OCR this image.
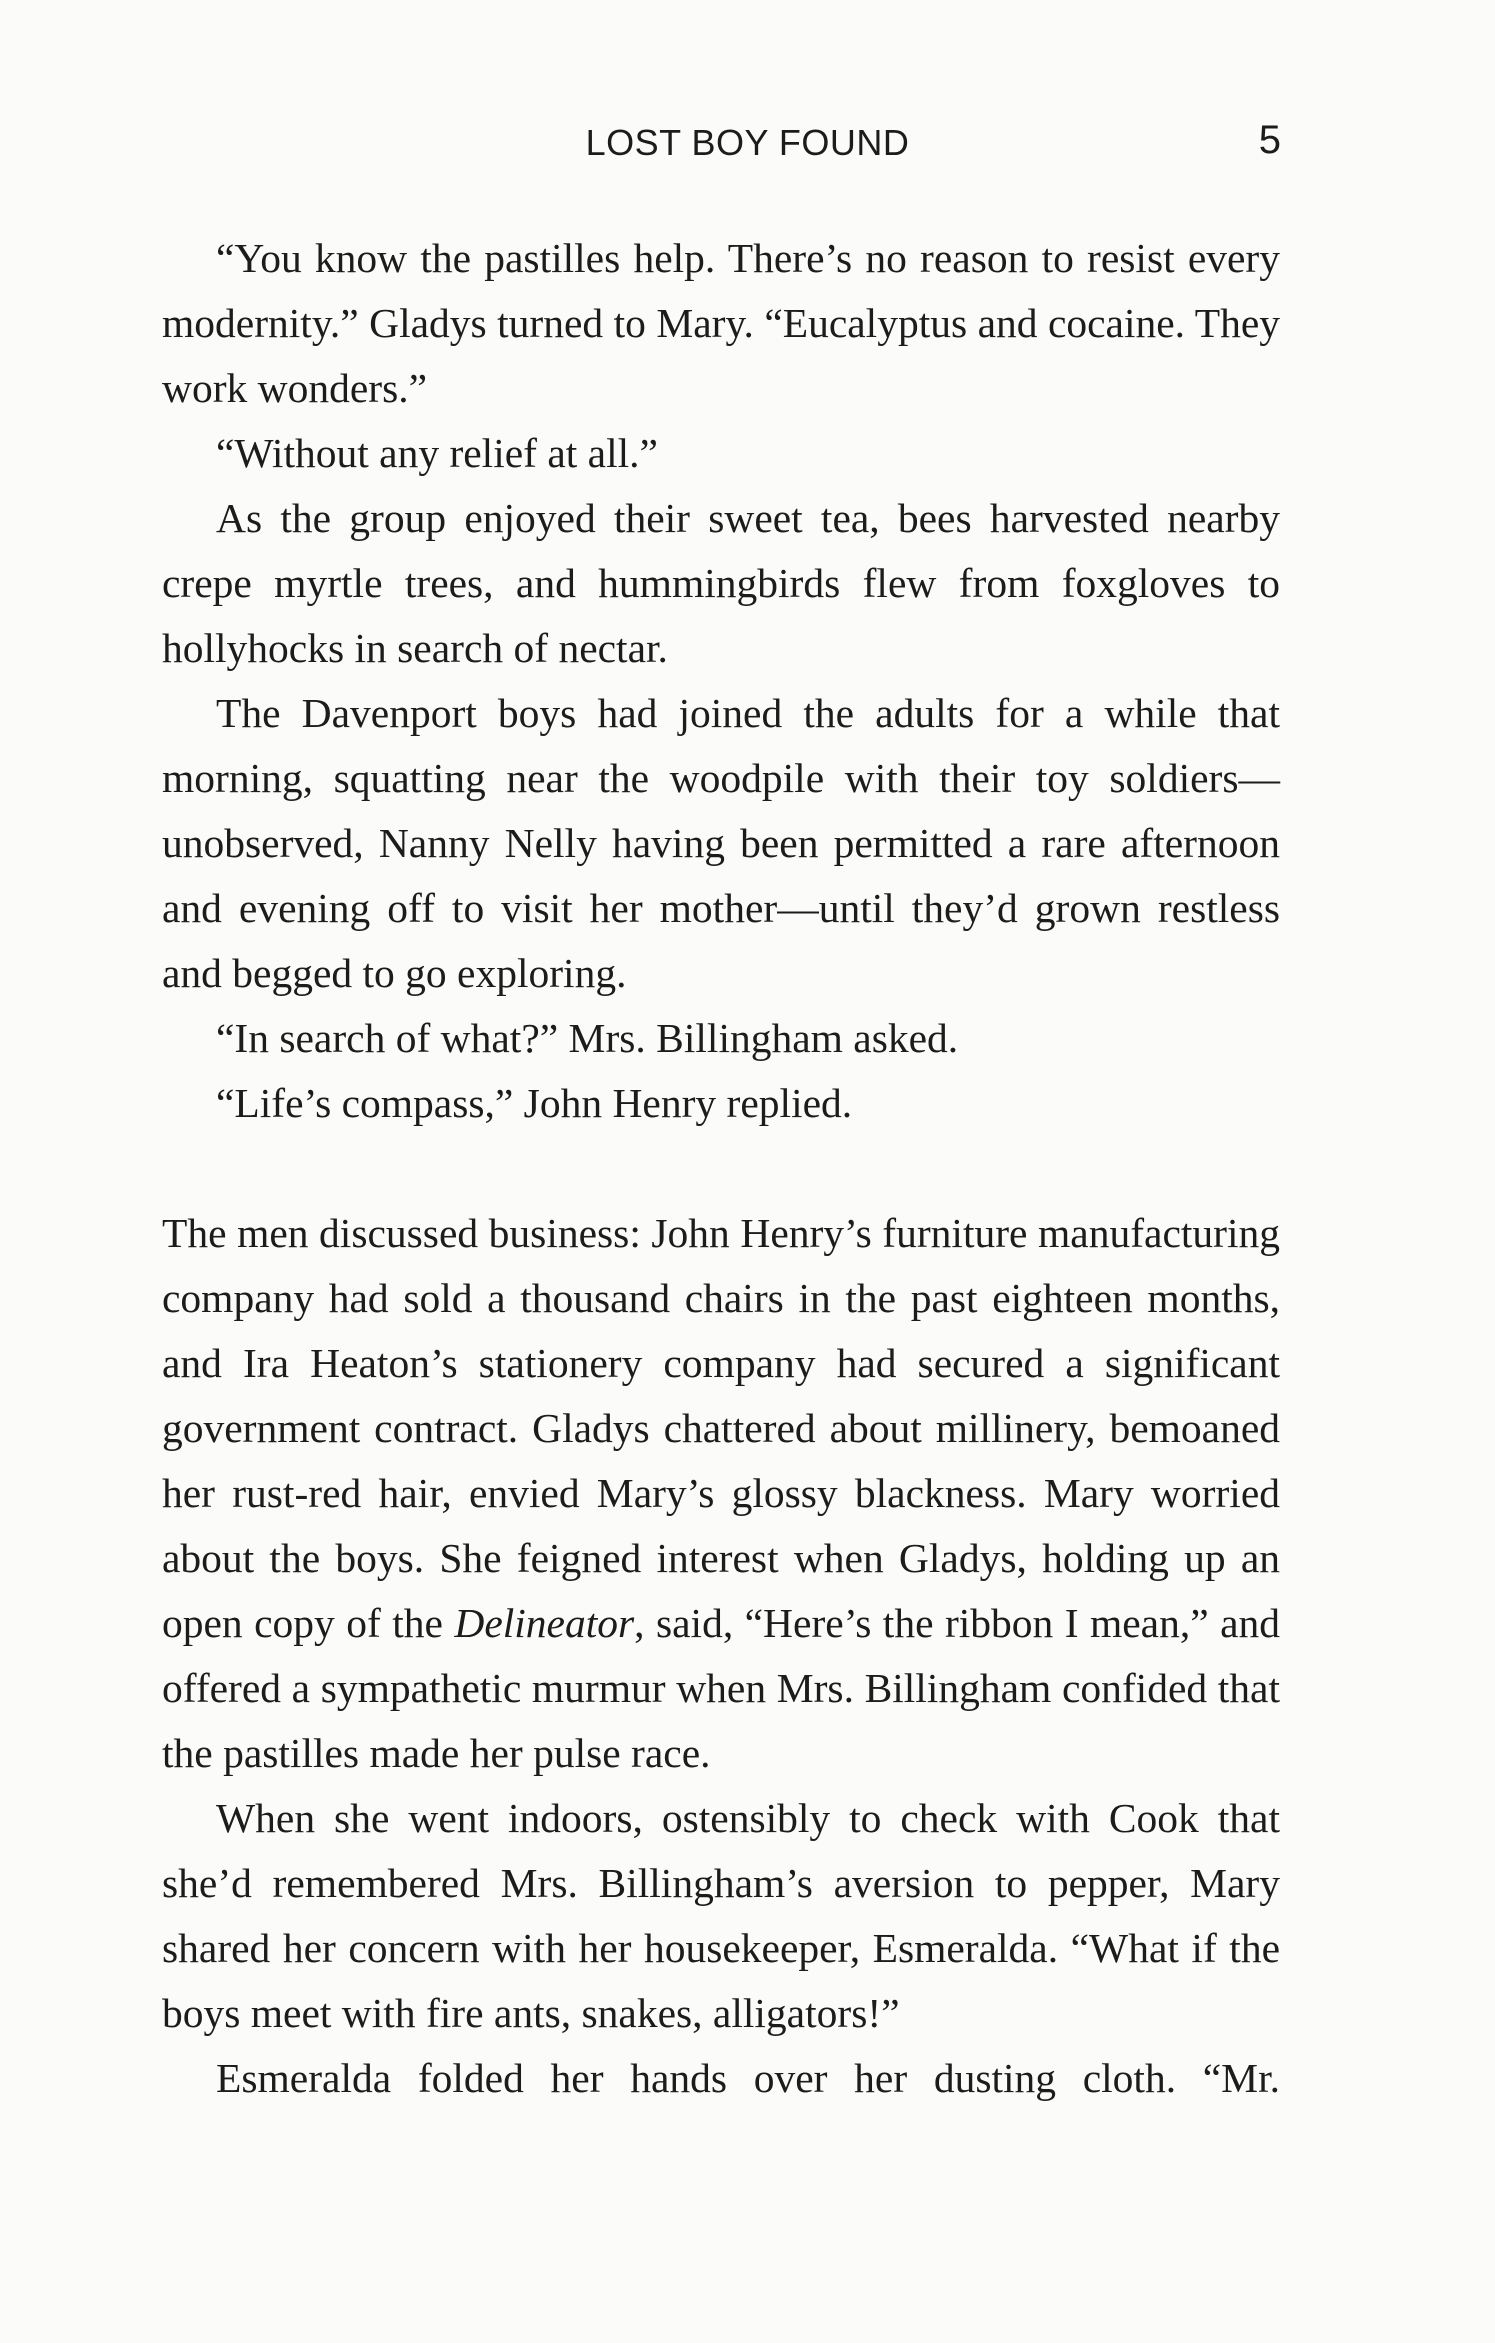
LOST BOY FOUND	5

“You know the pastilles help. There’s no reason to resist every modernity.” Gladys turned to Mary. “Eucalyptus and cocaine. They work wonders.”

“Without any relief at all.”

As the group enjoyed their sweet tea, bees harvested nearby crepe myrtle trees, and hummingbirds flew from foxgloves to hollyhocks in search of nectar.

The Davenport boys had joined the adults for a while that morning, squatting near the woodpile with their toy soldiers—unobserved, Nanny Nelly having been permitted a rare afternoon and evening off to visit her mother—until they’d grown restless and begged to go exploring.

“In search of what?” Mrs. Billingham asked.

“Life’s compass,” John Henry replied.

The men discussed business: John Henry’s furniture manufacturing company had sold a thousand chairs in the past eighteen months, and Ira Heaton’s stationery company had secured a significant government contract. Gladys chattered about millinery, bemoaned her rust-red hair, envied Mary’s glossy blackness. Mary worried about the boys. She feigned interest when Gladys, holding up an open copy of the Delineator, said, “Here’s the ribbon I mean,” and offered a sympathetic murmur when Mrs. Billingham confided that the pastilles made her pulse race.

When she went indoors, ostensibly to check with Cook that she’d remembered Mrs. Billingham’s aversion to pepper, Mary shared her concern with her housekeeper, Esmeralda. “What if the boys meet with fire ants, snakes, alligators!”

Esmeralda folded her hands over her dusting cloth. “Mr.
